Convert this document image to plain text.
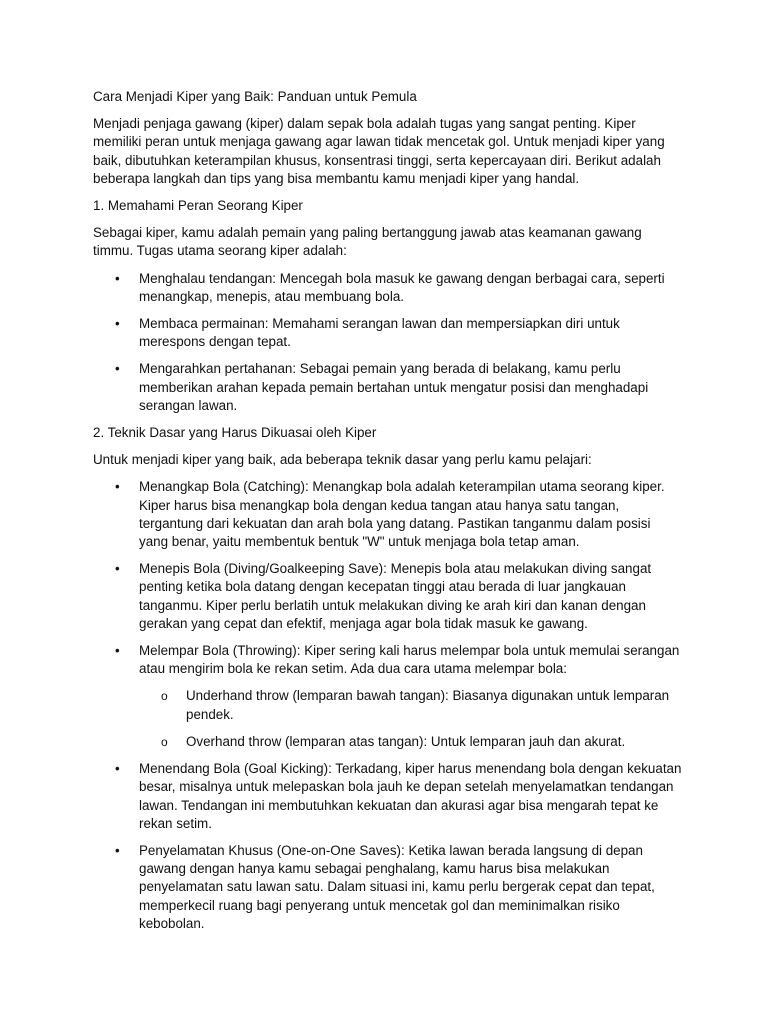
Cara Menjadi Kiper yang Baik: Panduan untuk Pemula

Menjadi penjaga gawang (kiper) dalam sepak bola adalah tugas yang sangat penting. Kiper memiliki peran untuk menjaga gawang agar lawan tidak mencetak gol. Untuk menjadi kiper yang baik, dibutuhkan keterampilan khusus, konsentrasi tinggi, serta kepercayaan diri. Berikut adalah beberapa langkah dan tips yang bisa membantu kamu menjadi kiper yang handal.

1. Memahami Peran Seorang Kiper

Sebagai kiper, kamu adalah pemain yang paling bertanggung jawab atas keamanan gawang timmu. Tugas utama seorang kiper adalah:

• Menghalau tendangan: Mencegah bola masuk ke gawang dengan berbagai cara, seperti menangkap, menepis, atau membuang bola.
• Membaca permainan: Memahami serangan lawan dan mempersiapkan diri untuk merespons dengan tepat.
• Mengarahkan pertahanan: Sebagai pemain yang berada di belakang, kamu perlu memberikan arahan kepada pemain bertahan untuk mengatur posisi dan menghadapi serangan lawan.

2. Teknik Dasar yang Harus Dikuasai oleh Kiper

Untuk menjadi kiper yang baik, ada beberapa teknik dasar yang perlu kamu pelajari:

• Menangkap Bola (Catching): Menangkap bola adalah keterampilan utama seorang kiper. Kiper harus bisa menangkap bola dengan kedua tangan atau hanya satu tangan, tergantung dari kekuatan dan arah bola yang datang. Pastikan tanganmu dalam posisi yang benar, yaitu membentuk bentuk "W" untuk menjaga bola tetap aman.
• Menepis Bola (Diving/Goalkeeping Save): Menepis bola atau melakukan diving sangat penting ketika bola datang dengan kecepatan tinggi atau berada di luar jangkauan tanganmu. Kiper perlu berlatih untuk melakukan diving ke arah kiri dan kanan dengan gerakan yang cepat dan efektif, menjaga agar bola tidak masuk ke gawang.
• Melempar Bola (Throwing): Kiper sering kali harus melempar bola untuk memulai serangan atau mengirim bola ke rekan setim. Ada dua cara utama melempar bola:
o Underhand throw (lemparan bawah tangan): Biasanya digunakan untuk lemparan pendek.
o Overhand throw (lemparan atas tangan): Untuk lemparan jauh dan akurat.
• Menendang Bola (Goal Kicking): Terkadang, kiper harus menendang bola dengan kekuatan besar, misalnya untuk melepaskan bola jauh ke depan setelah menyelamatkan tendangan lawan. Tendangan ini membutuhkan kekuatan dan akurasi agar bisa mengarah tepat ke rekan setim.
• Penyelamatan Khusus (One-on-One Saves): Ketika lawan berada langsung di depan gawang dengan hanya kamu sebagai penghalang, kamu harus bisa melakukan penyelamatan satu lawan satu. Dalam situasi ini, kamu perlu bergerak cepat dan tepat, memperkecil ruang bagi penyerang untuk mencetak gol dan meminimalkan risiko kebobolan.
